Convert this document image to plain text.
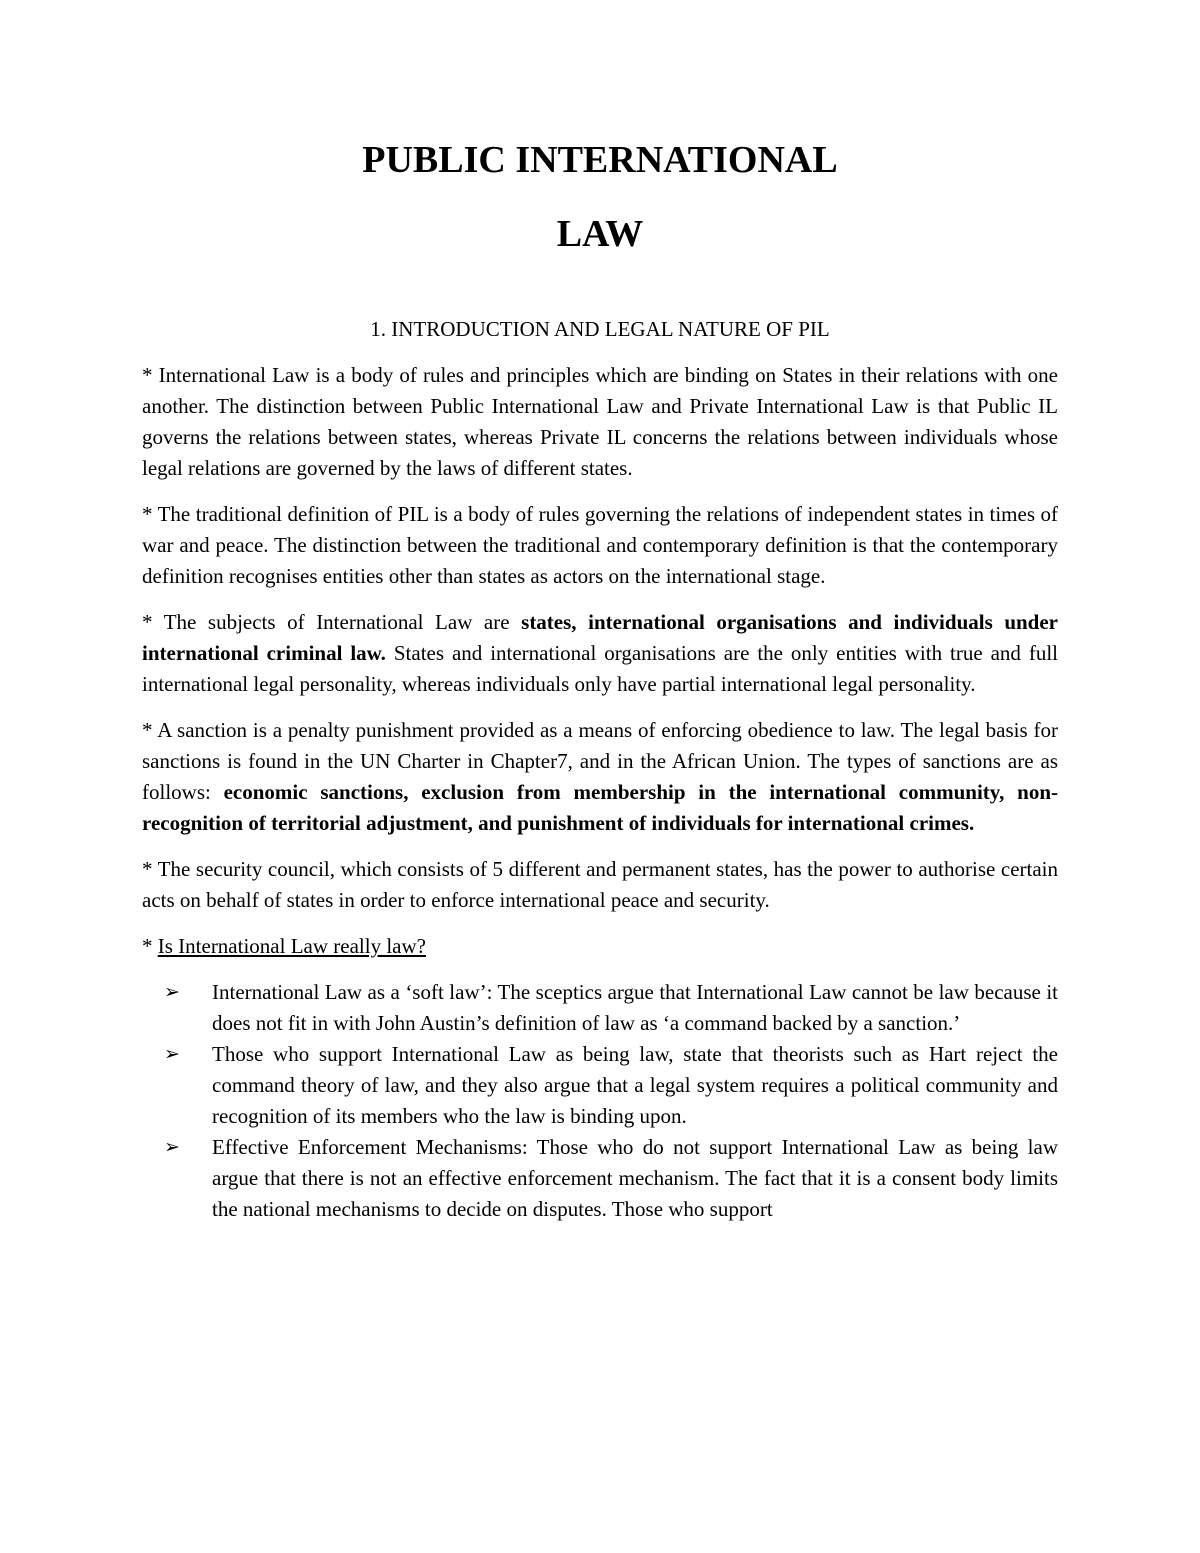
PUBLIC INTERNATIONAL
LAW
1. INTRODUCTION AND LEGAL NATURE OF PIL

* International Law is a body of rules and principles which are binding on States in their relations with one another. The distinction between Public International Law and Private International Law is that Public IL governs the relations between states, whereas Private IL concerns the relations between individuals whose legal relations are governed by the laws of different states.

* The traditional definition of PIL is a body of rules governing the relations of independent states in times of war and peace. The distinction between the traditional and contemporary definition is that the contemporary definition recognises entities other than states as actors on the international stage.

* The subjects of International Law are states, international organisations and individuals under international criminal law. States and international organisations are the only entities with true and full international legal personality, whereas individuals only have partial international legal personality.

* A sanction is a penalty punishment provided as a means of enforcing obedience to law. The legal basis for sanctions is found in the UN Charter in Chapter7, and in the African Union. The types of sanctions are as follows: economic sanctions, exclusion from membership in the international community, non-recognition of territorial adjustment, and punishment of individuals for international crimes.

* The security council, which consists of 5 different and permanent states, has the power to authorise certain acts on behalf of states in order to enforce international peace and security.

* Is International Law really law?
➢ International Law as a ‘soft law’: The sceptics argue that International Law cannot be law because it does not fit in with John Austin’s definition of law as ‘a command backed by a sanction.’
➢ Those who support International Law as being law, state that theorists such as Hart reject the command theory of law, and they also argue that a legal system requires a political community and recognition of its members who the law is binding upon.
➢ Effective Enforcement Mechanisms: Those who do not support International Law as being law argue that there is not an effective enforcement mechanism. The fact that it is a consent body limits the national mechanisms to decide on disputes. Those who support
